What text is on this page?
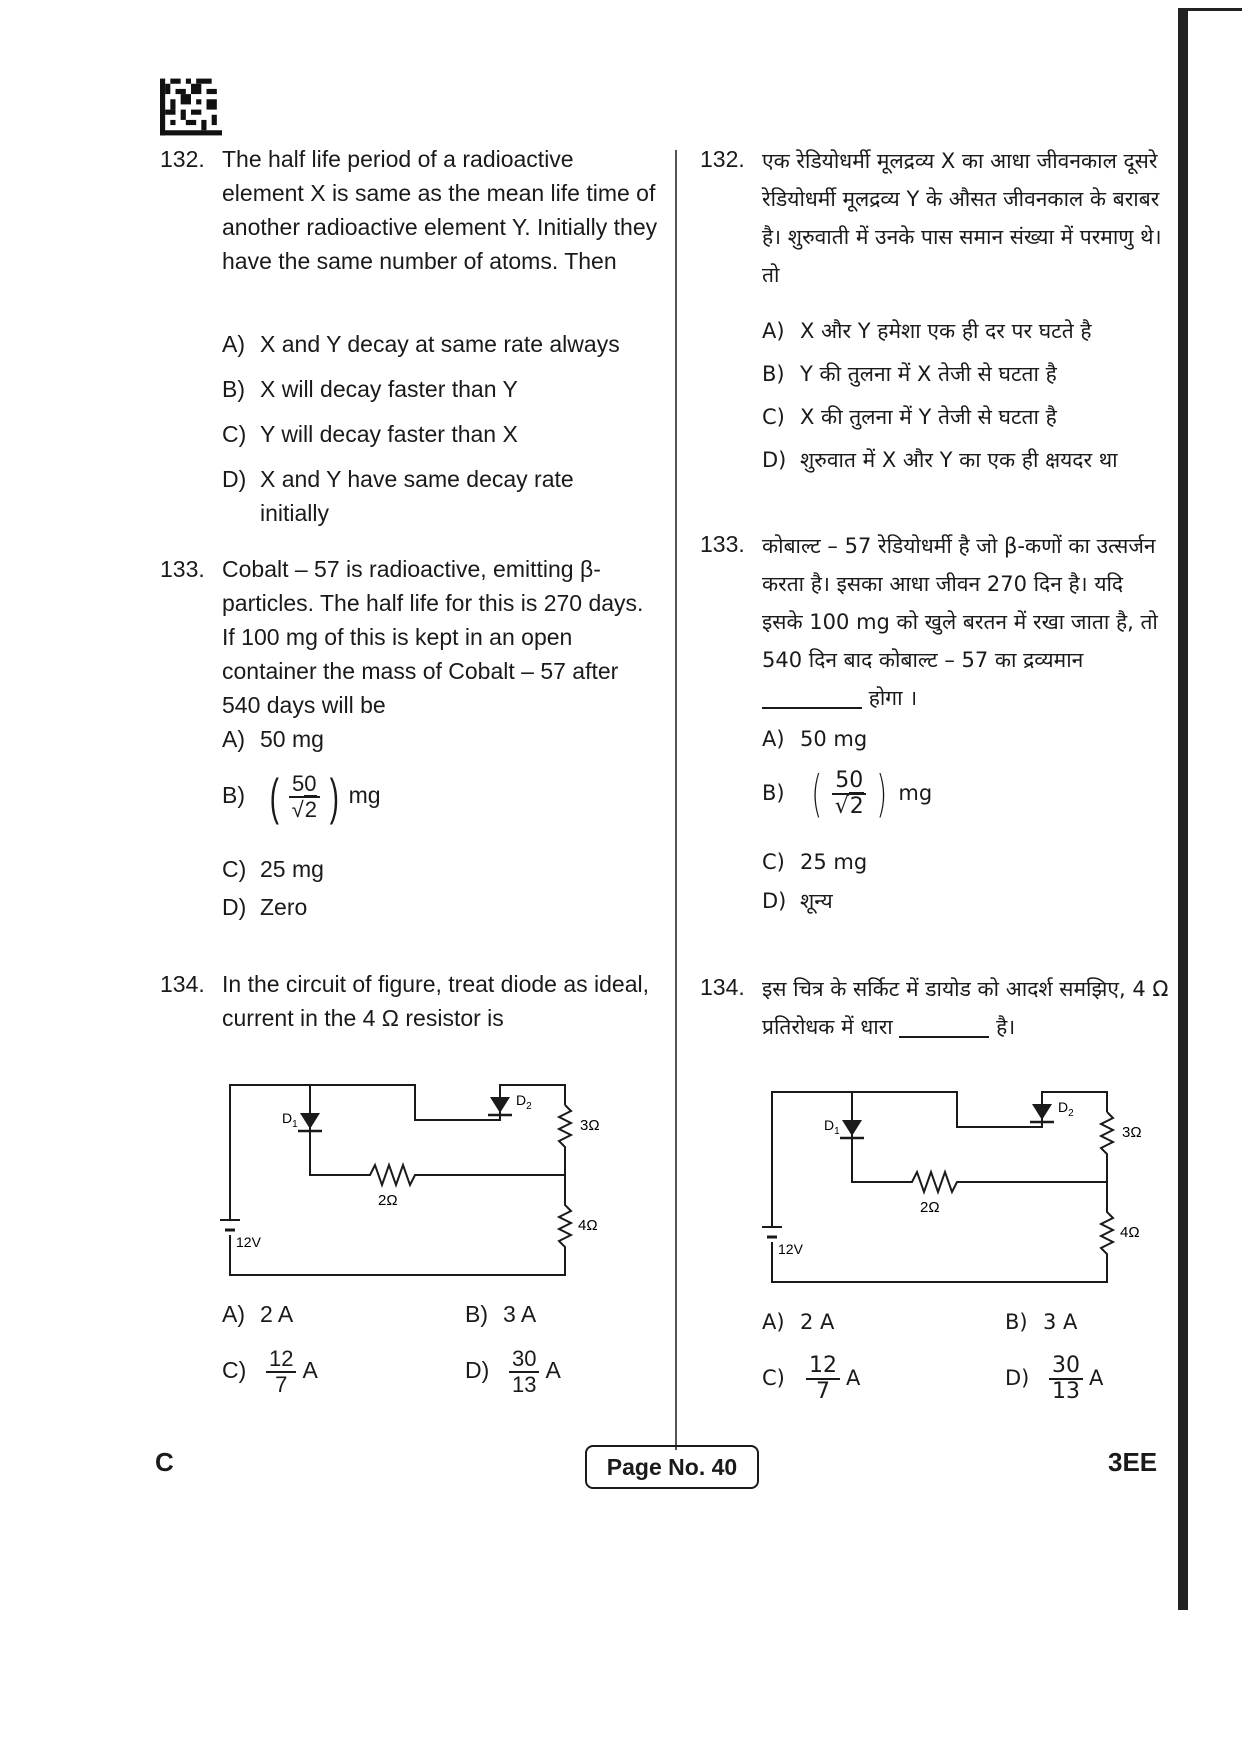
132. The half life period of a radioactive element X is same as the mean life time of another radioactive element Y. Initially they have the same number of atoms. Then
A) X and Y decay at same rate always
B) X will decay faster than Y
C) Y will decay faster than X
D) X and Y have same decay rate initially
133. Cobalt – 57 is radioactive, emitting β-particles. The half life for this is 270 days. If 100 mg of this is kept in an open container the mass of Cobalt – 57 after 540 days will be
A) 50 mg
B) ( $\frac{50}{√2}$ ) mg
C) 25 mg
D) Zero
134. In the circuit of figure, treat diode as ideal, current in the 4 Ω resistor is
A) 2 A	B) 3 A
$C) \frac{12}{7}$ A	$D) \frac{30}{13}$ A
$D_1$
$D_2$
3Ω
2Ω
4Ω
12V
132. एक रेडियोधर्मी मूलद्रव्य X का आधा जीवनकाल दूसरे रेडियोधर्मी मूलद्रव्य Y के औसत जीवनकाल के बराबर है। शुरुवाती में उनके पास समान संख्या में परमाणु थे। तो
A) X और Y हमेशा एक ही दर पर घटते है
B) Y की तुलना में X तेजी से घटता है
C) X की तुलना में Y तेजी से घटता है
D) शुरुवात में X और Y का एक ही क्षयदर था
133. कोबाल्ट – 57 रेडियोधर्मी है जो β-कणों का उत्सर्जन करता है। इसका आधा जीवन 270 दिन है। यदि इसके 100 mg को खुले बरतन में रखा जाता है, तो 540 दिन बाद कोबाल्ट – 57 का द्रव्यमान  होगा ।
A) 50 mg
B) ( $\frac{50}{√2}$ ) mg
C) 25 mg
D) शून्य
134. इस चित्र के सर्किट में डायोड को आदर्श समझिए, 4 Ω प्रतिरोधक में धारा	है।
A) 2 A	B) 3 A
$C) \frac{12}{7}$ A	$D) \frac{30}{13}$ A
$D_1$
$D_2$
3Ω
2Ω
4Ω
12V
C	Page No. 40	3EE
